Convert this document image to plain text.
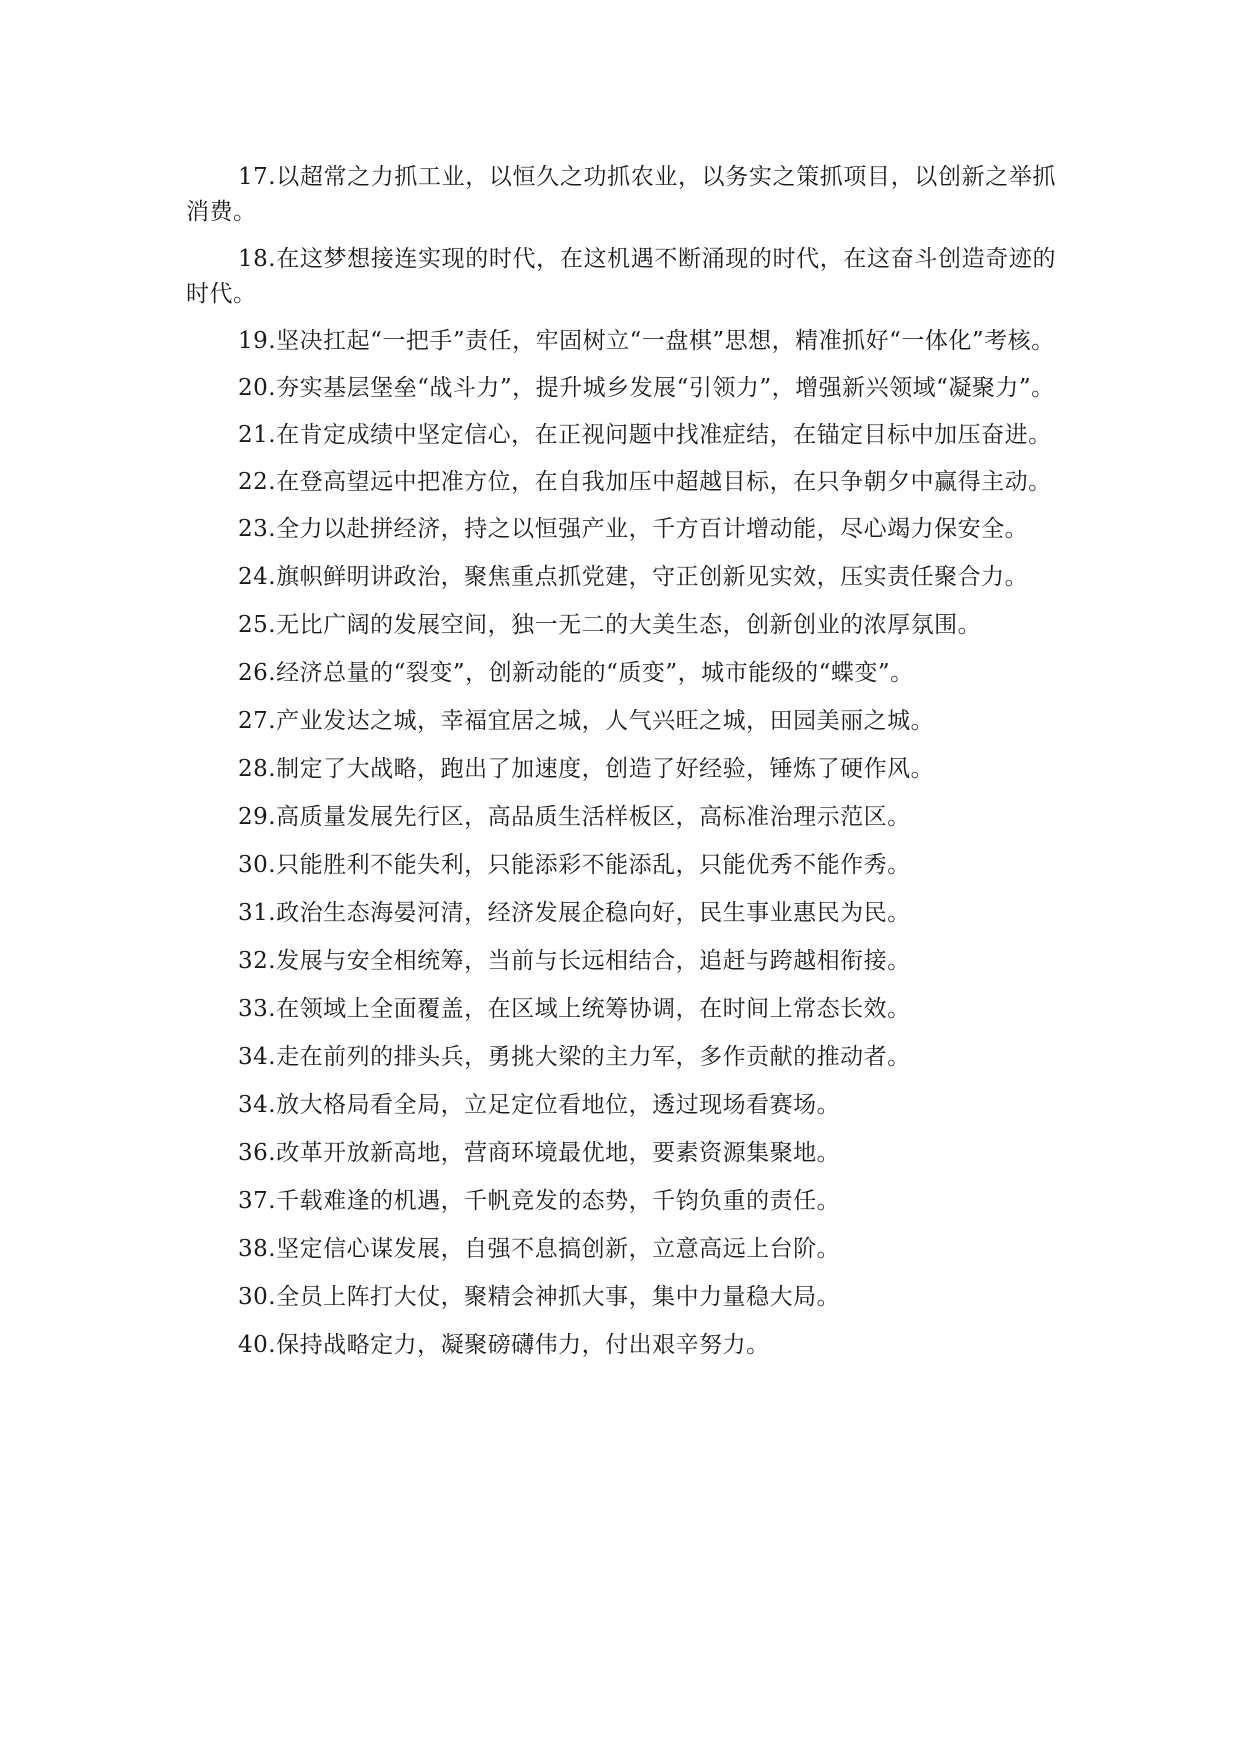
17.以超常之力抓工业，以恒久之功抓农业，以务实之策抓项目，以创新之举抓消费。

18.在这梦想接连实现的时代，在这机遇不断涌现的时代，在这奋斗创造奇迹的时代。

19.坚决扛起“一把手”责任，牢固树立“一盘棋”思想，精准抓好“一体化”考核。

20.夯实基层堡垒“战斗力”，提升城乡发展“引领力”，增强新兴领域“凝聚力”。

21.在肯定成绩中坚定信心，在正视问题中找准症结，在锚定目标中加压奋进。

22.在登高望远中把准方位，在自我加压中超越目标，在只争朝夕中赢得主动。

23.全力以赴拼经济，持之以恒强产业，千方百计增动能，尽心竭力保安全。

24.旗帜鲜明讲政治，聚焦重点抓党建，守正创新见实效，压实责任聚合力。

25.无比广阔的发展空间，独一无二的大美生态，创新创业的浓厚氛围。

26.经济总量的“裂变”，创新动能的“质变”，城市能级的“蝶变”。

27.产业发达之城，幸福宜居之城，人气兴旺之城，田园美丽之城。

28.制定了大战略，跑出了加速度，创造了好经验，锤炼了硬作风。

29.高质量发展先行区，高品质生活样板区，高标准治理示范区。

30.只能胜利不能失利，只能添彩不能添乱，只能优秀不能作秀。

31.政治生态海晏河清，经济发展企稳向好，民生事业惠民为民。

32.发展与安全相统筹，当前与长远相结合，追赶与跨越相衔接。

33.在领域上全面覆盖，在区域上统筹协调，在时间上常态长效。

34.走在前列的排头兵，勇挑大梁的主力军，多作贡献的推动者。

34.放大格局看全局，立足定位看地位，透过现场看赛场。

36.改革开放新高地，营商环境最优地，要素资源集聚地。

37.千载难逢的机遇，千帆竞发的态势，千钧负重的责任。

38.坚定信心谋发展，自强不息搞创新，立意高远上台阶。

30.全员上阵打大仗，聚精会神抓大事，集中力量稳大局。

40.保持战略定力，凝聚磅礴伟力，付出艰辛努力。
